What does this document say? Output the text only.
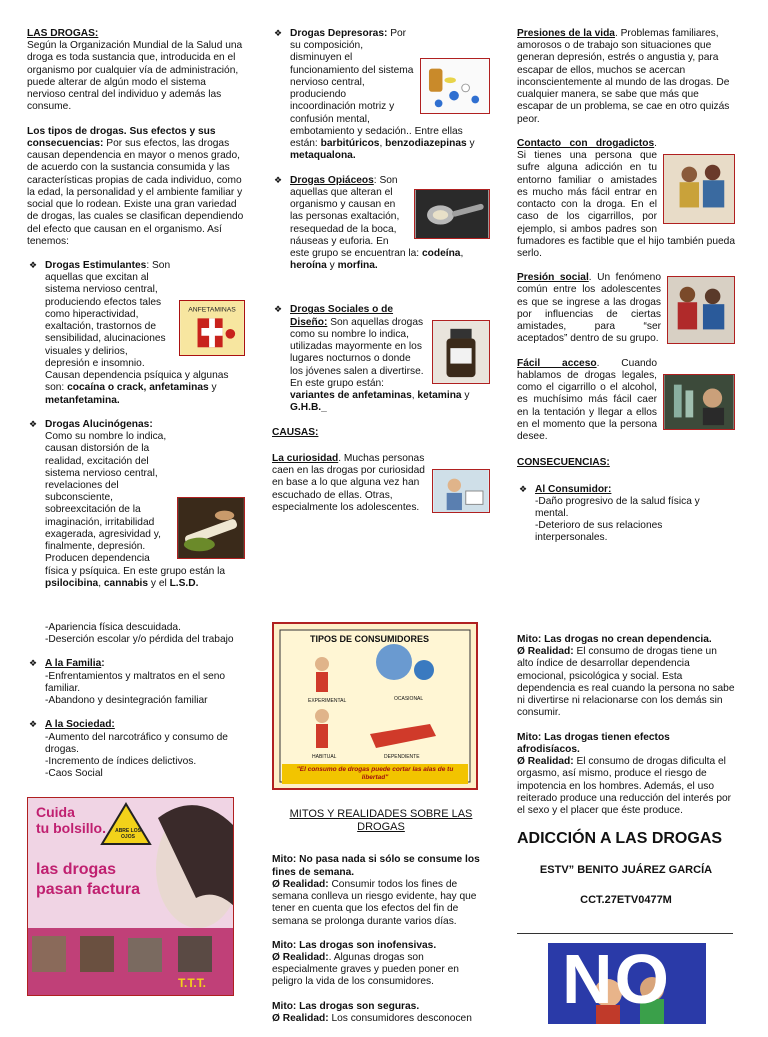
LAS DROGAS:

Según la Organización Mundial de la Salud una droga es toda sustancia que, introducida en el organismo por cualquier vía de administración, puede alterar de algún modo el sistema nervioso central del individuo y además las consume.

Los tipos de drogas. Sus efectos y sus consecuencias: Por sus efectos, las drogas causan dependencia en mayor o menos grado, de acuerdo con la sustancia consumida y las características propias de cada individuo, como la edad, la personalidad y el ambiente familiar y social que lo rodean. Existe una gran variedad de drogas, las cuales se clasifican dependiendo del efecto que causan en el organismo. Así tenemos:

❖ ANFETAMINAS
Drogas Estimulantes: Son aquellas que excitan al sistema nervioso central, produciendo efectos tales como hiperactividad, exaltación, trastornos de sensibilidad, alucinaciones visuales y delirios, depresión e insomnio. Causan dependencia psíquica y algunas son: cocaína o crack, anfetaminas y metanfetamina.
❖ Drogas Alucinógenas: Como su nombre lo indica, causan distorsión de la realidad, excitación del sistema nervioso central, revelaciones del subconsciente, sobreexcitación de la imaginación, irritabilidad exagerada, agresividad y, finalmente, depresión. Producen dependencia física y psíquica. En este grupo están la psilocibina, cannabis y el L.S.D.
❖ Drogas Depresoras: Por su composición, disminuyen el funcionamiento del sistema nervioso central, produciendo incoordinación motriz y confusión mental, embotamiento y sedación.. Entre ellas están: barbitúricos, benzodiazepinas y metaqualona.
❖ Drogas Opiáceos: Son aquellas que alteran el organismo y causan en las personas exaltación, resequedad de la boca, náuseas y euforia. En este grupo se encuentran la: codeína, heroína y morfina.
❖ Drogas Sociales o de Diseño: Son aquellas drogas como su nombre lo indica, utilizadas mayormente en los lugares nocturnos o donde los jóvenes salen a divertirse. En este grupo están: variantes de anfetaminas, ketamina y G.H.B._
CAUSAS:
La curiosidad. Muchas personas caen en las drogas por curiosidad en base a lo que alguna vez han escuchado de ellas. Otras, especialmente los adolescentes.

Presiones de la vida. Problemas familiares, amorosos o de trabajo son situaciones que generan depresión, estrés o angustia y, para escapar de ellos, muchos se acercan inconscientemente al mundo de las drogas. De cualquier manera, se sabe que más que escapar de un problema, se cae en otro quizás peor.

Contacto con drogadictos. Si tienes una persona que sufre alguna adicción en tu entorno familiar o amistades es mucho más fácil entrar en contacto con la droga. En el caso de los cigarrillos, por ejemplo, si ambos padres son fumadores es factible que el hijo también pueda serlo.
Presión social. Un fenómeno común entre los adolescentes es que se ingrese a las drogas por influencias de ciertas amistades, para “ser aceptados” dentro de su grupo.
Fácil acceso. Cuando hablamos de drogas legales, como el cigarrillo o el alcohol, es muchísimo más fácil caer en la tentación y llegar a ellos en el momento que la persona desee.
CONSECUENCIAS:
❖ Al Consumidor:
-Daño progresivo de la salud física y mental.
-Deterioro de sus relaciones interpersonales.
-Apariencia física descuidada.
-Deserción escolar y/o pérdida del trabajo
❖ A la Familia:
-Enfrentamientos y maltratos en el seno familiar.
-Abandono y desintegración familiar
❖ A la Sociedad:
-Aumento del narcotráfico y consumo de drogas.
-Incremento de índices delictivos.
-Caos Social
Cuida
tu bolsillo.	ABRE LOS OJOS
las drogas
pasan factura
T.T.T.
TIPOS DE CONSUMIDORES
EXPERIMENTAL	OCASIONAL
HABITUAL	DEPENDIENTE
"El consumo de drogas puede cortar las alas de tu libertad"
MITOS Y REALIDADES SOBRE LAS DROGAS

Mito: No pasa nada si sólo se consume los fines de semana.
Ø Realidad: Consumir todos los fines de semana conlleva un riesgo evidente, hay que tener en cuenta que los efectos del fin de semana se prolonga durante varios días.

Mito: Las drogas son inofensivas.
Ø Realidad:. Algunas drogas son especialmente graves y pueden poner en peligro la vida de los consumidores.

Mito: Las drogas son seguras.
Ø Realidad: Los consumidores desconocen

Mito: Las drogas no crean dependencia.
Ø Realidad: El consumo de drogas tiene un alto índice de desarrollar dependencia emocional, psicológica y social. Esta dependencia es real cuando la persona no sabe ni divertirse ni relacionarse con los demás sin consumir.

Mito: Las drogas tienen efectos afrodisíacos.
Ø Realidad: El consumo de drogas dificulta el orgasmo, así mismo, produce el riesgo de impotencia en los hombres. Además, el uso reiterado produce una reducción del interés por el sexo y el placer que éste produce.

ADICCIÓN A LAS DROGAS
ESTV” BENITO JUÁREZ GARCÍA
CCT.27ETV0477M
NO
